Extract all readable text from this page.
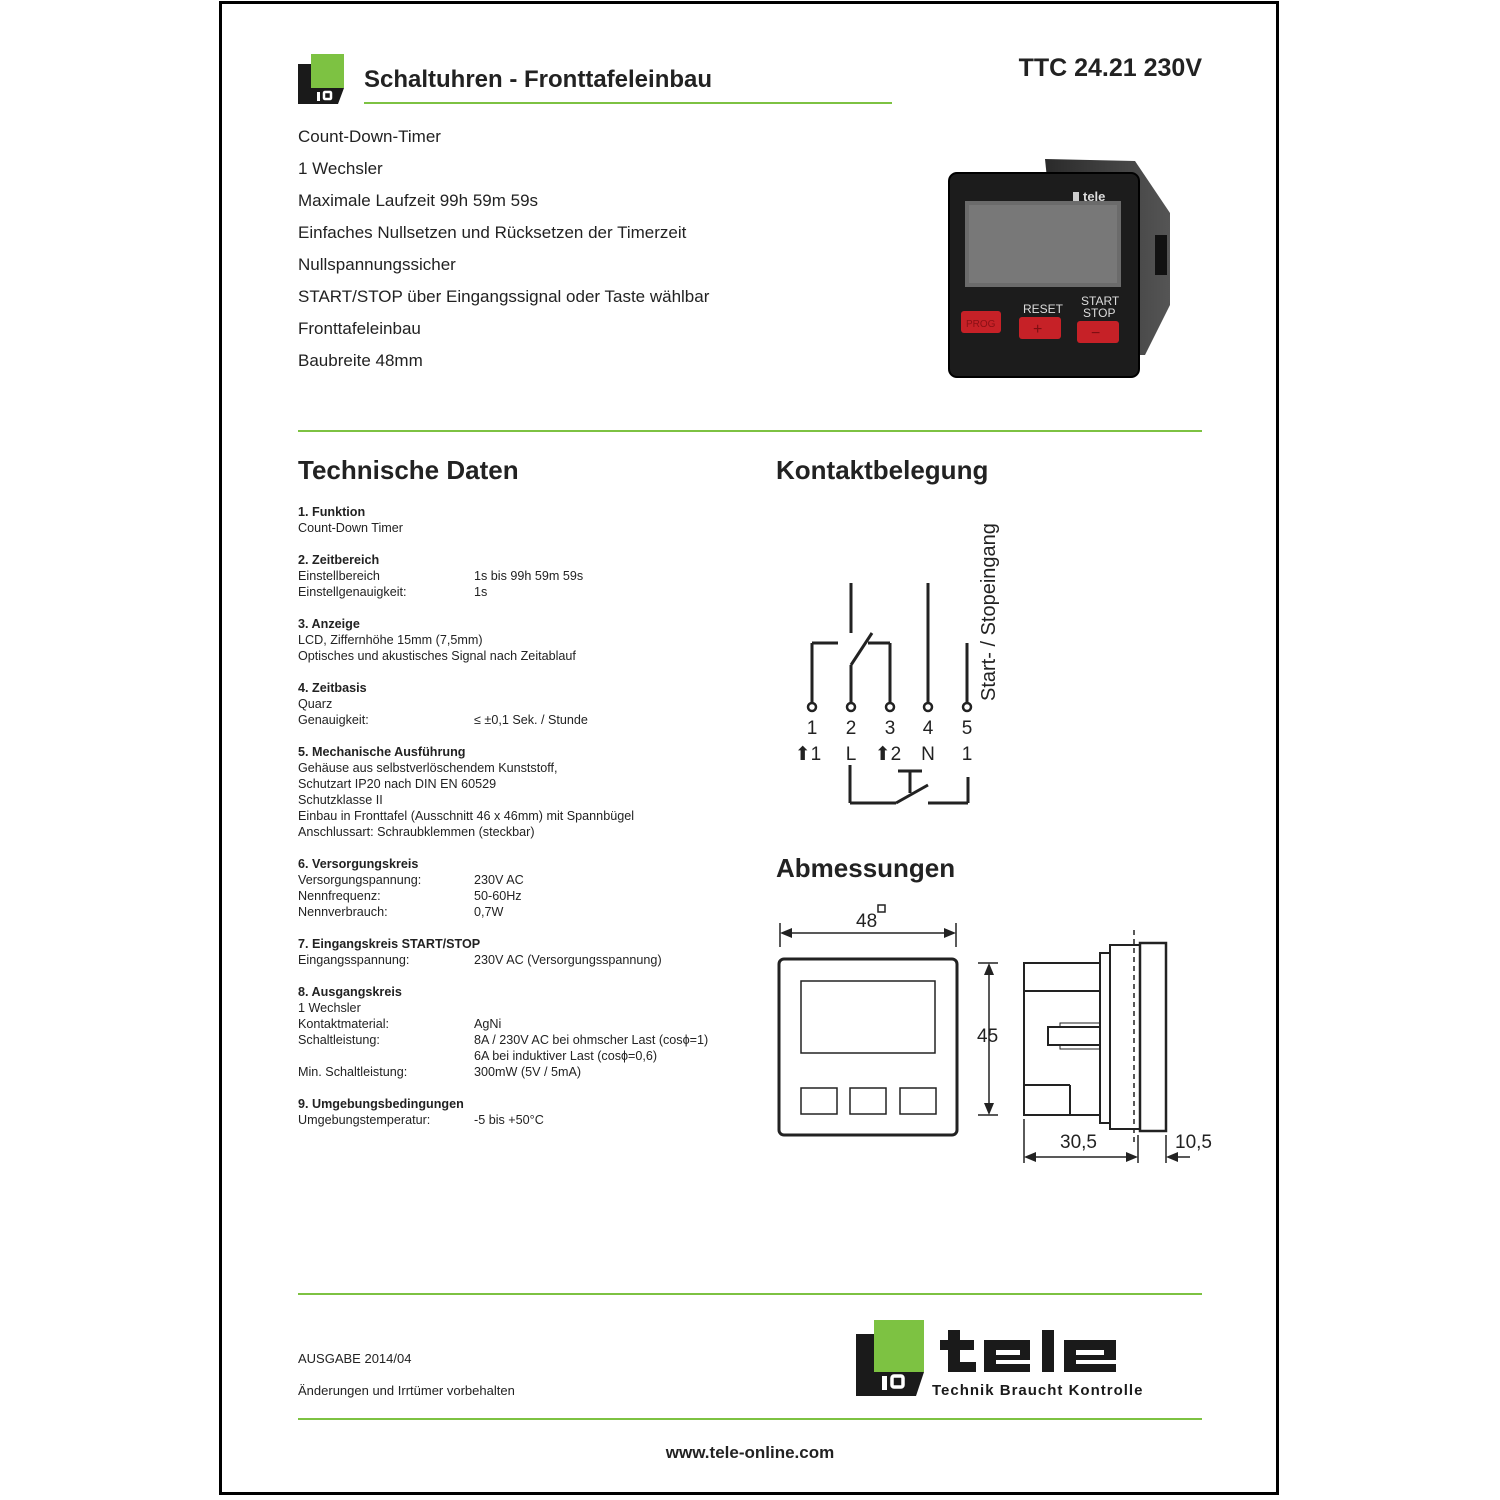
Schaltuhren - Fronttafeleinbau	TTC 24.21 230V
Count-Down-Timer
1 Wechsler
Maximale Laufzeit 99h 59m 59s
Einfaches Nullsetzen und Rücksetzen der Timerzeit
Nullspannungssicher
START/STOP über Eingangssignal oder Taste wählbar
Fronttafeleinbau
Baubreite 48mm
tele
RESET
START
STOP
PROG +	−
Technische Daten
1. Funktion
Count-Down Timer
2. Zeitbereich
Einstellbereich	1s bis 99h 59m 59s
Einstellgenauigkeit:	1s
3. Anzeige
LCD, Ziffernhöhe 15mm (7,5mm)
Optisches und akustisches Signal nach Zeitablauf
4. Zeitbasis
Quarz
Genauigkeit:	≤ ±0,1 Sek. / Stunde
5. Mechanische Ausführung
Gehäuse aus selbstverlöschendem Kunststoff,
Schutzart IP20 nach DIN EN 60529
Schutzklasse II
Einbau in Fronttafel (Ausschnitt 46 x 46mm) mit Spannbügel
Anschlussart: Schraubklemmen (steckbar)
6. Versorgungskreis
Versorgungspannung:	230V AC
Nennfrequenz:	50-60Hz
Nennverbrauch:	0,7W
7. Eingangskreis START/STOP
Eingangsspannung:	230V AC (Versorgungsspannung)
8. Ausgangskreis
1 Wechsler
Kontaktmaterial:	AgNi
Schaltleistung:	8A / 230V AC bei ohmscher Last (cosϕ=1)
6A bei induktiver Last (cosϕ=0,6)
Min. Schaltleistung:	300mW (5V / 5mA)
9. Umgebungsbedingungen
Umgebungstemperatur:	-5 bis +50°C
Kontaktbelegung
1 2 3 4 5
⬆1 L ⬆2 N 1
Start- / Stopeingang
Abmessungen
48
45
30,5	10,5
AUSGABE 2014/04
Änderungen und Irrtümer vorbehalten	Technik Braucht Kontrolle
www.tele-online.com
